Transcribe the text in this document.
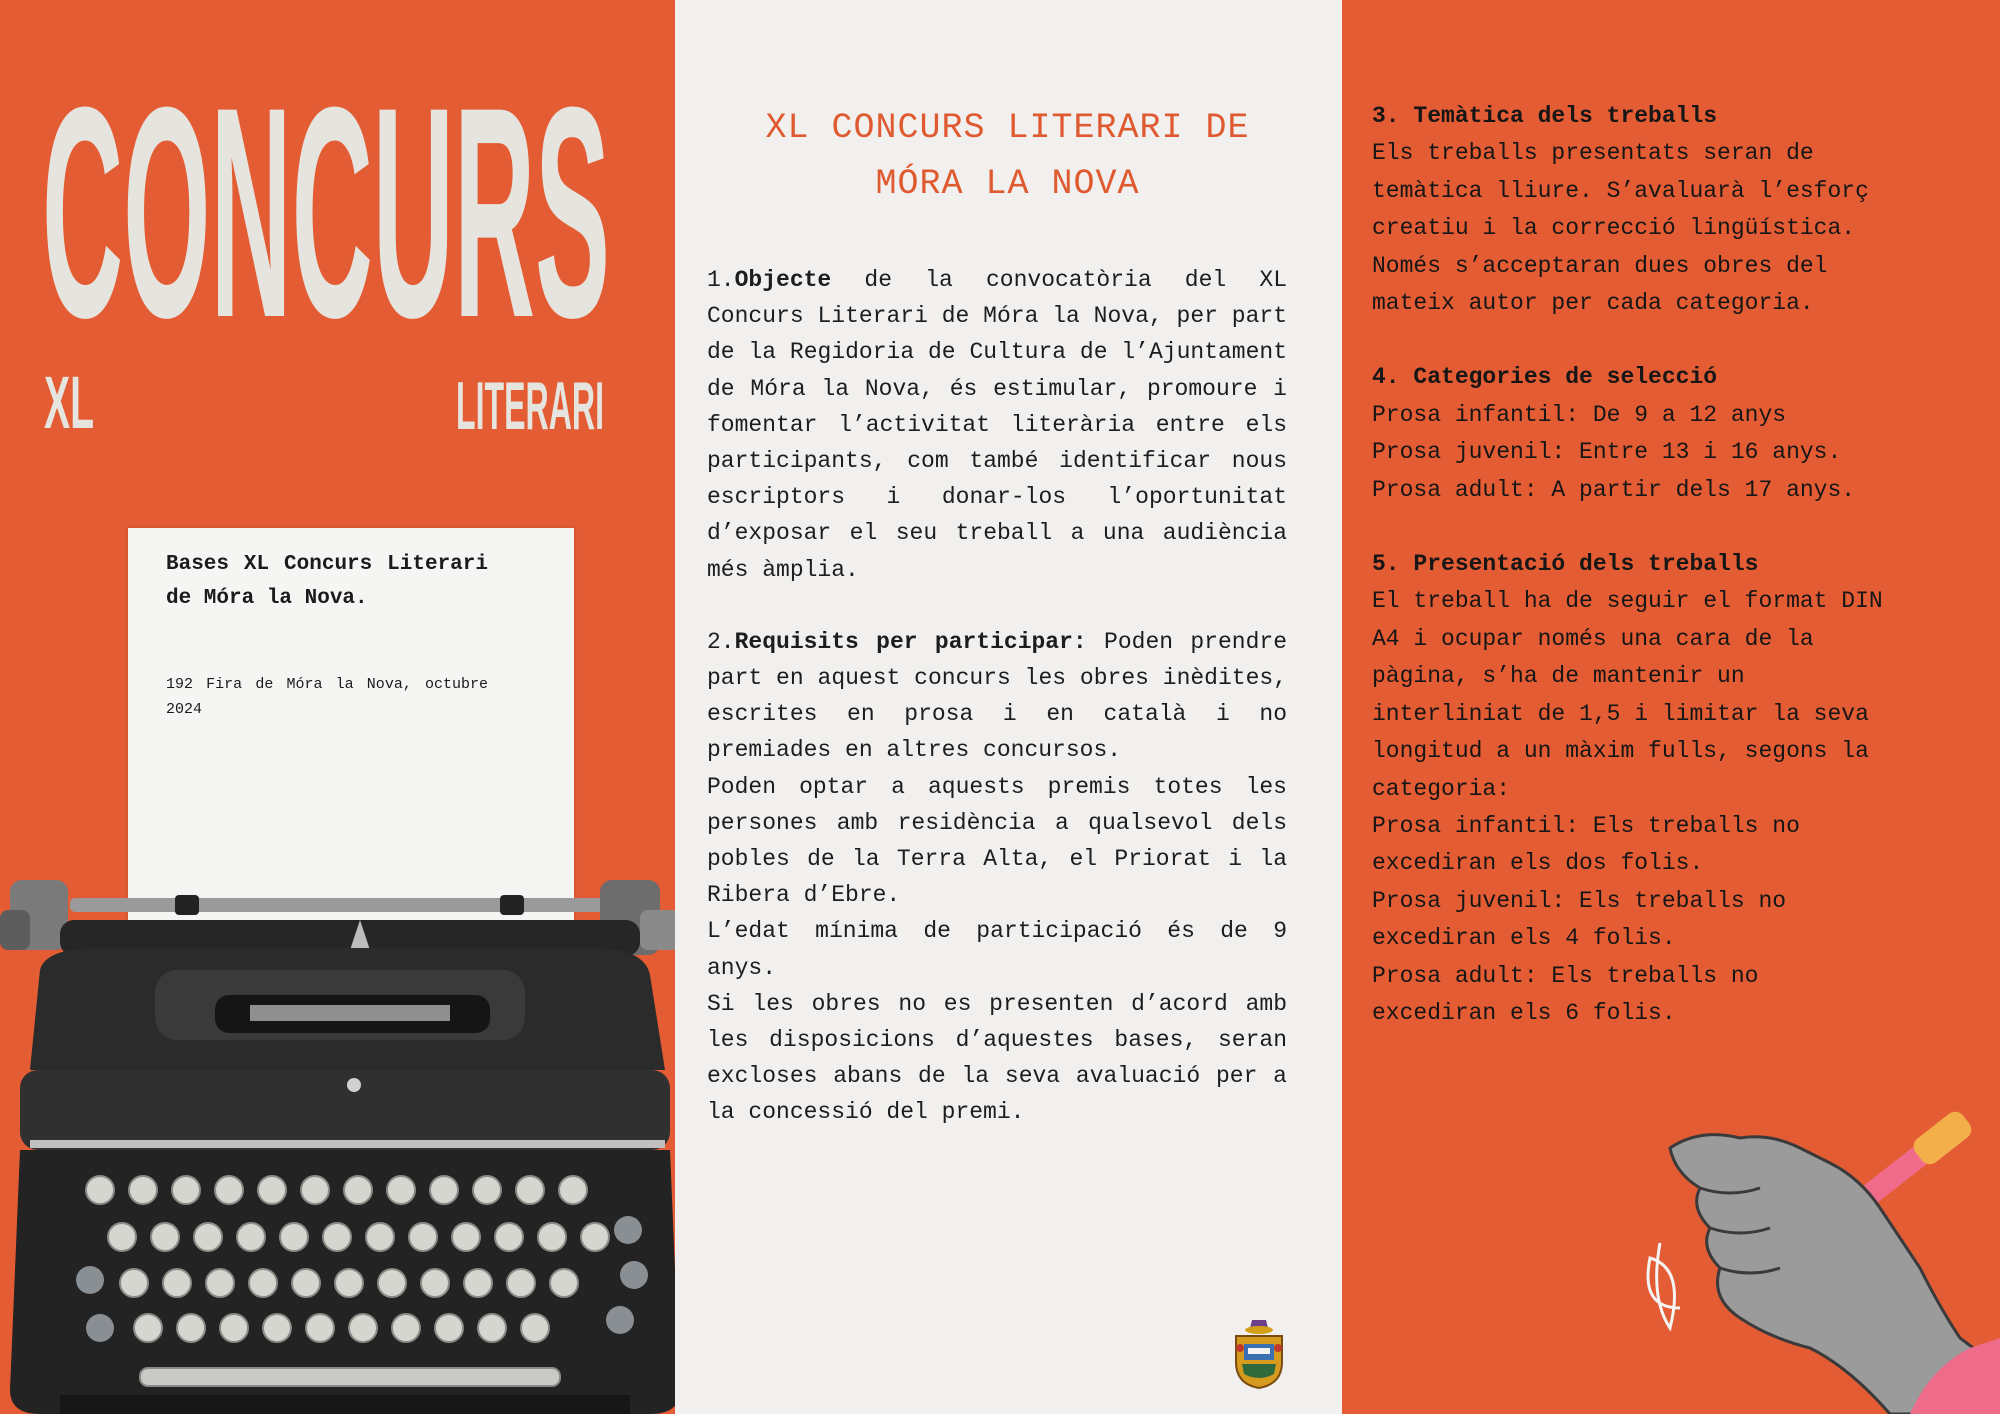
CONCURS
XL	LITERARI
Bases XL Concurs Literari de Móra la Nova.
192 Fira de Móra la Nova, octubre 2024
XL CONCURS LITERARI DE
MÓRA LA NOVA

1.Objecte de la convocatòria del XL Concurs Literari de Móra la Nova, per part de la Regidoria de Cultura de l’Ajuntament de Móra la Nova, és estimular, promoure i fomentar l’activitat literària entre els participants, com també identificar nous escriptors i donar-los l’oportunitat d’exposar el seu treball a una audiència més àmplia.

2.Requisits per participar: Poden prendre part en aquest concurs les obres inèdites, escrites en prosa i en català i no premiades en altres concursos.

Poden optar a aquests premis totes les persones amb residència a qualsevol dels pobles de la Terra Alta, el Priorat i la Ribera d’Ebre.

L’edat mínima de participació és de 9 anys.

Si les obres no es presenten d’acord amb les disposicions d’aquestes bases, seran excloses abans de la seva avaluació per a la concessió del premi.

3. Temàtica dels treballs

Els treballs presentats seran de

temàtica lliure. S’avaluarà l’esforç

creatiu i la correcció lingüística.

Només s’acceptaran dues obres del

mateix autor per cada categoria.

4. Categories de selecció

Prosa infantil: De 9 a 12 anys

Prosa juvenil: Entre 13 i 16 anys.

Prosa adult: A partir dels 17 anys.

5. Presentació dels treballs

El treball ha de seguir el format DIN

A4 i ocupar només una cara de la

pàgina, s’ha de mantenir un

interliniat de 1,5 i limitar la seva

longitud a un màxim fulls, segons la

categoria:

Prosa infantil: Els treballs no

excediran els dos folis.

Prosa juvenil: Els treballs no

excediran els 4 folis.

Prosa adult: Els treballs no

excediran els 6 folis.
